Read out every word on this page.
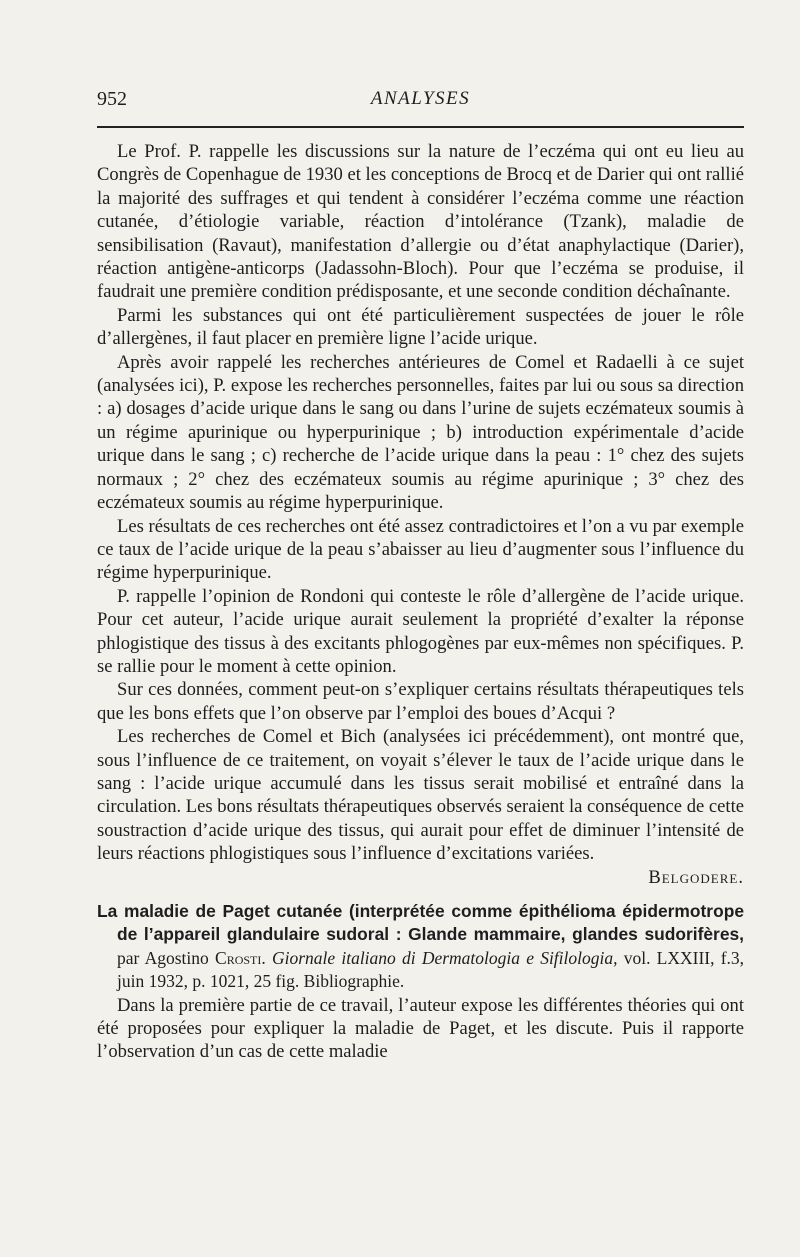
952	ANALYSES

Le Prof. P. rappelle les discussions sur la nature de l’eczéma qui ont eu lieu au Congrès de Copenhague de 1930 et les conceptions de Brocq et de Darier qui ont rallié la majorité des suffrages et qui tendent à considérer l’eczéma comme une réaction cutanée, d’étiologie variable, réaction d’intolérance (Tzank), maladie de sensibilisation (Ravaut), manifestation d’allergie ou d’état anaphylactique (Darier), réaction antigène-anticorps (Jadassohn-Bloch). Pour que l’eczéma se produise, il faudrait une première condition prédisposante, et une seconde condition déchaînante.

Parmi les substances qui ont été particulièrement suspectées de jouer le rôle d’allergènes, il faut placer en première ligne l’acide urique.

Après avoir rappelé les recherches antérieures de Comel et Radaelli à ce sujet (analysées ici), P. expose les recherches personnelles, faites par lui ou sous sa direction : a) dosages d’acide urique dans le sang ou dans l’urine de sujets eczémateux soumis à un régime apurinique ou hyperpurinique ; b) introduction expérimentale d’acide urique dans le sang ; c) recherche de l’acide urique dans la peau : 1° chez des sujets normaux ; 2° chez des eczémateux soumis au régime apurinique ; 3° chez des eczémateux soumis au régime hyperpurinique.

Les résultats de ces recherches ont été assez contradictoires et l’on a vu par exemple ce taux de l’acide urique de la peau s’abaisser au lieu d’augmenter sous l’influence du régime hyperpurinique.

P. rappelle l’opinion de Rondoni qui conteste le rôle d’allergène de l’acide urique. Pour cet auteur, l’acide urique aurait seulement la propriété d’exalter la réponse phlogistique des tissus à des excitants phlogogènes par eux-mêmes non spécifiques. P. se rallie pour le moment à cette opinion.

Sur ces données, comment peut-on s’expliquer certains résultats thérapeutiques tels que les bons effets que l’on observe par l’emploi des boues d’Acqui ?

Les recherches de Comel et Bich (analysées ici précédemment), ont montré que, sous l’influence de ce traitement, on voyait s’élever le taux de l’acide urique dans le sang : l’acide urique accumulé dans les tissus serait mobilisé et entraîné dans la circulation. Les bons résultats thérapeutiques observés seraient la conséquence de cette soustraction d’acide urique des tissus, qui aurait pour effet de diminuer l’intensité de leurs réactions phlogistiques sous l’influence d’excitations variées.

Belgodere.
La maladie de Paget cutanée (interprétée comme épithélioma épidermotrope de l’appareil glandulaire sudoral : Glande mammaire, glandes sudorifères, par Agostino Crosti. Giornale italiano di Dermatologia e Sifilologia, vol. LXXIII, f.3, juin 1932, p. 1021, 25 fig. Bibliographie.

Dans la première partie de ce travail, l’auteur expose les différentes théories qui ont été proposées pour expliquer la maladie de Paget, et les discute. Puis il rapporte l’observation d’un cas de cette maladie
